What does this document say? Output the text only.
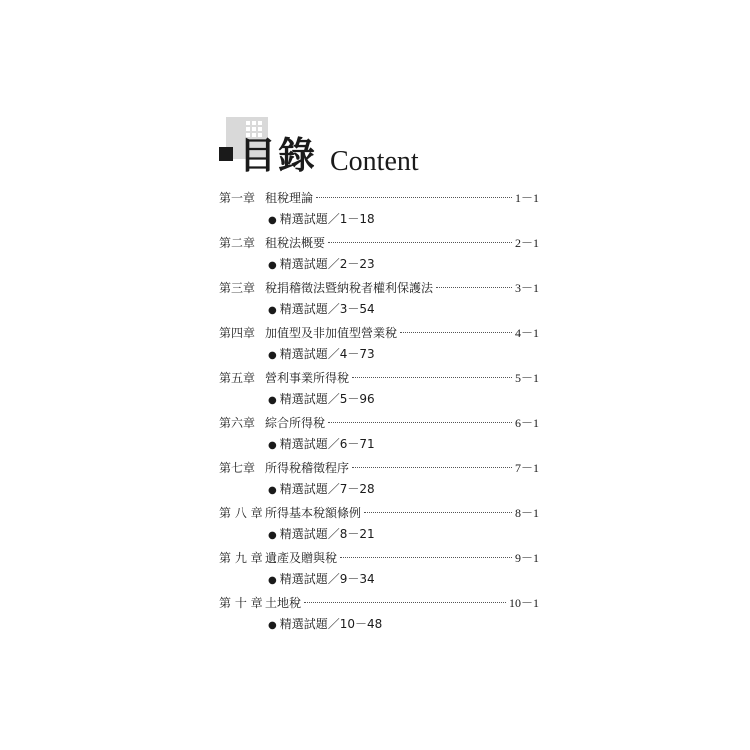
目錄 Content
第一章 租稅理論	1－1
● 精選試題／1－18
第二章 租稅法概要	2－1
● 精選試題／2－23
第三章 稅捐稽徵法暨納稅者權利保護法	3－1
● 精選試題／3－54
第四章 加值型及非加值型營業稅	4－1
● 精選試題／4－73
第五章 營利事業所得稅	5－1
● 精選試題／5－96
第六章 綜合所得稅	6－1
● 精選試題／6－71
第七章 所得稅稽徵程序	7－1
● 精選試題／7－28
第 八 章 所得基本稅額條例	8－1
● 精選試題／8－21
第 九 章 遺產及贈與稅	9－1
● 精選試題／9－34
第 十 章 土地稅	10－1
● 精選試題／10－48
